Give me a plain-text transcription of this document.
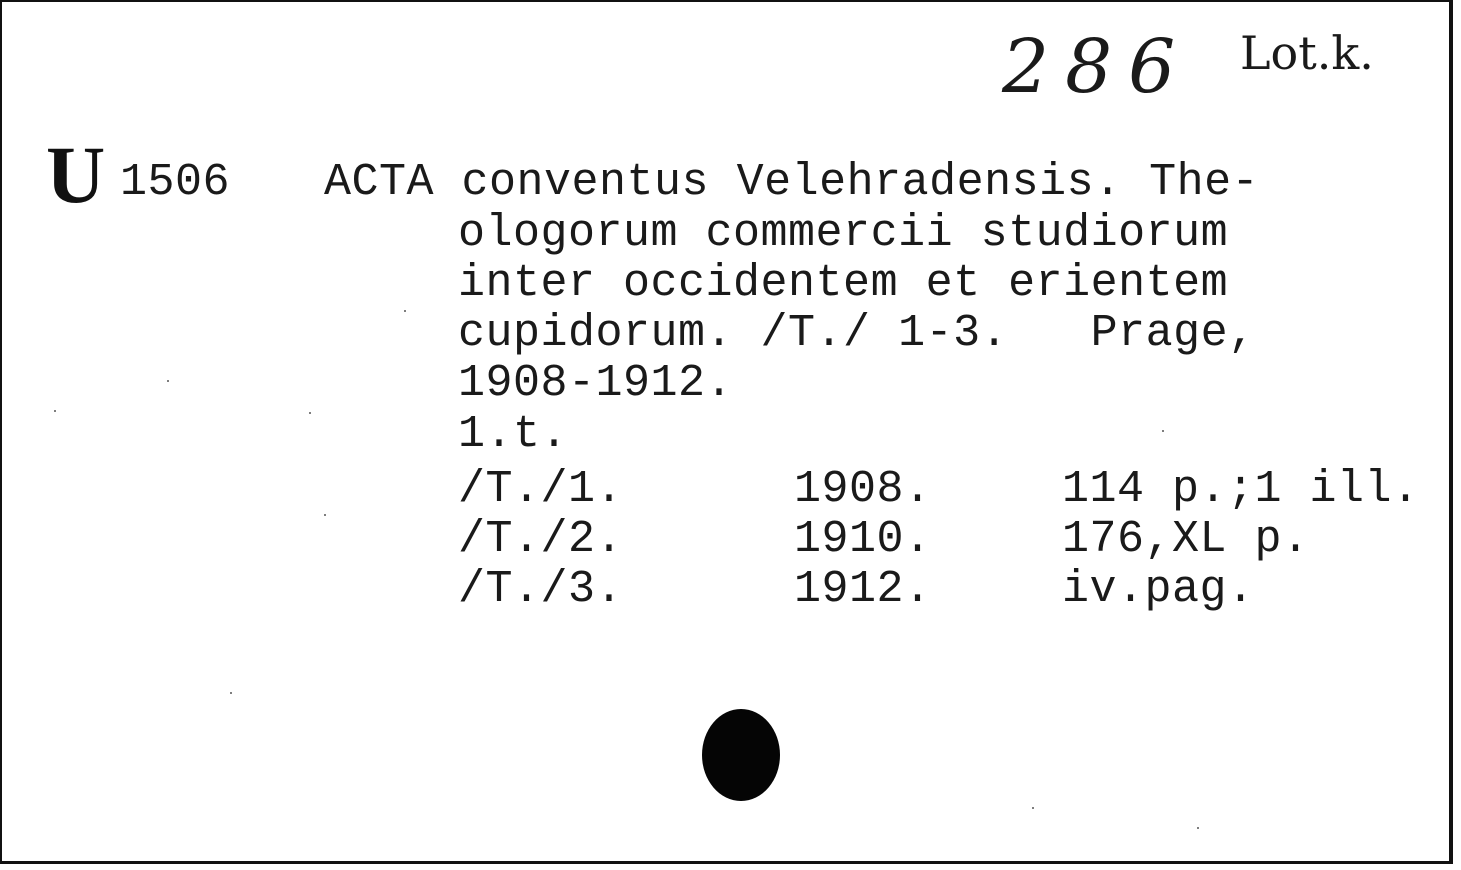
286 Lot.k.
U 1506 ACTA conventus Velehradensis. The-
ologorum commercii studiorum
inter occidentem et erientem
cupidorum. /T./ 1-3.   Prage,
1908-1912.
1.t.
/T./1.	1908.	114 p.;1 ill.
/T./2.	1910.	176,XL p.
/T./3.	1912.	iv.pag.
